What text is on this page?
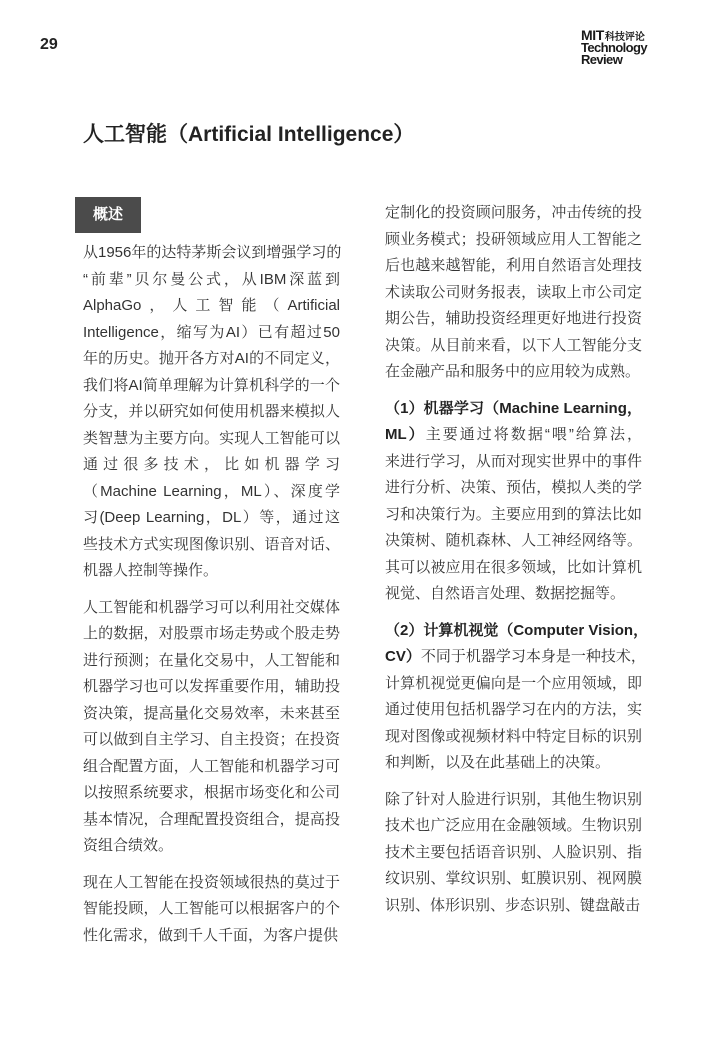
29
MIT科技评论
Technology
Review
人工智能（Artificial Intelligence）
概述
从1956年的达特茅斯会议到增强学习的
“前辈”贝尔曼公式，从IBM深蓝到
AlphaGo，人工智能（Artificial
Intelligence，缩写为AI）已有超过50
年的历史。抛开各方对AI的不同定义，
我们将AI简单理解为计算机科学的一个
分支，并以研究如何使用机器来模拟人
类智慧为主要方向。实现人工智能可以
通过很多技术，比如机器学习
（Machine Learning，ML）、深度学
习(Deep Learning，DL）等，通过这
些技术方式实现图像识别、语音对话、
机器人控制等操作。
人工智能和机器学习可以利用社交媒体
上的数据，对股票市场走势或个股走势
进行预测；在量化交易中，人工智能和
机器学习也可以发挥重要作用，辅助投
资决策，提高量化交易效率，未来甚至
可以做到自主学习、自主投资；在投资
组合配置方面，人工智能和机器学习可
以按照系统要求，根据市场变化和公司
基本情况，合理配置投资组合，提高投
资组合绩效。
现在人工智能在投资领域很热的莫过于
智能投顾，人工智能可以根据客户的个
性化需求，做到千人千面，为客户提供
定制化的投资顾问服务，冲击传统的投
顾业务模式；投研领域应用人工智能之
后也越来越智能，利用自然语言处理技
术读取公司财务报表，读取上市公司定
期公告，辅助投资经理更好地进行投资
决策。从目前来看，以下人工智能分支
在金融产品和服务中的应用较为成熟。
（1）机器学习（Machine Learning，
ML）主要通过将数据“喂”给算法，
来进行学习，从而对现实世界中的事件
进行分析、决策、预估，模拟人类的学
习和决策行为。主要应用到的算法比如
决策树、随机森林、人工神经网络等。
其可以被应用在很多领域，比如计算机
视觉、自然语言处理、数据挖掘等。
（2）计算机视觉（Computer Vision，
CV）不同于机器学习本身是一种技术，
计算机视觉更偏向是一个应用领域，即
通过使用包括机器学习在内的方法，实
现对图像或视频材料中特定目标的识别
和判断，以及在此基础上的决策。
除了针对人脸进行识别，其他生物识别
技术也广泛应用在金融领域。生物识别
技术主要包括语音识别、人脸识别、指
纹识别、掌纹识别、虹膜识别、视网膜
识别、体形识别、步态识别、键盘敲击
